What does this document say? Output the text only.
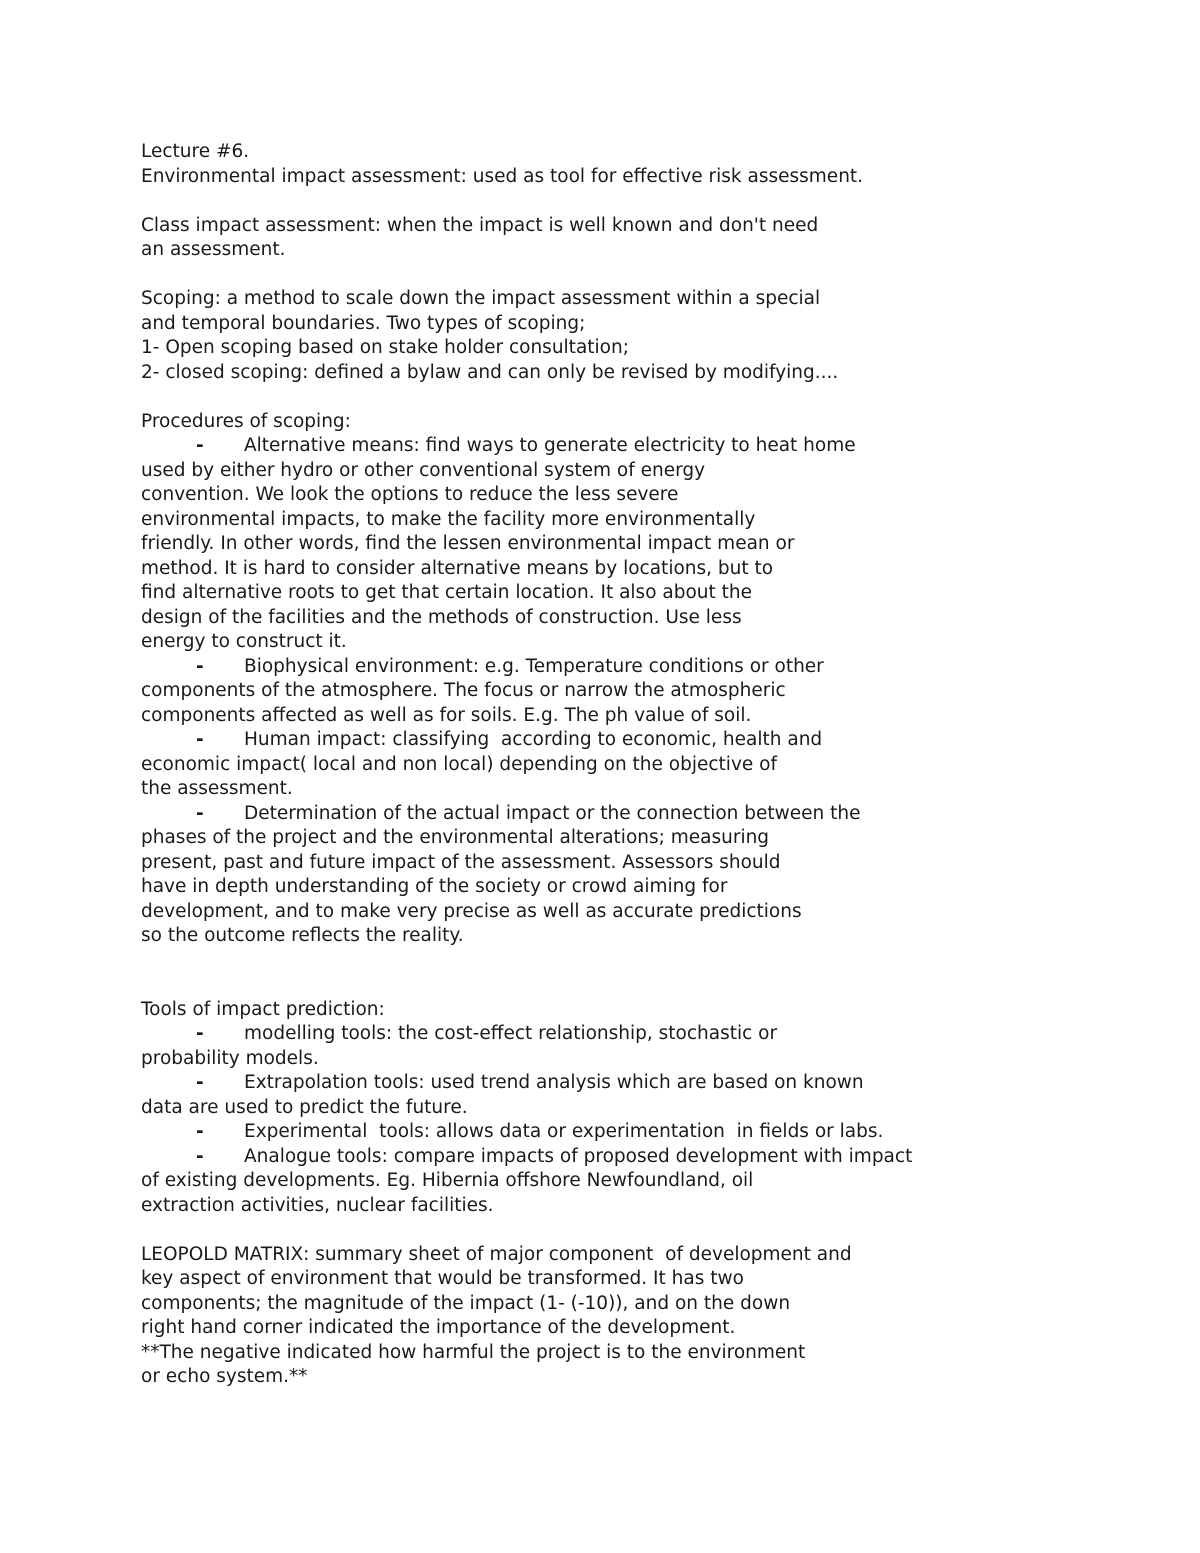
Lecture #6.
Environmental impact assessment: used as tool for effective risk assessment.
Class impact assessment: when the impact is well known and don't need
an assessment.
Scoping: a method to scale down the impact assessment within a special
and temporal boundaries. Two types of scoping;
1- Open scoping based on stake holder consultation;
2- closed scoping: defined a bylaw and can only be revised by modifying....
Procedures of scoping:
- Alternative means: find ways to generate electricity to heat home
used by either hydro or other conventional system of energy
convention. We look the options to reduce the less severe
environmental impacts, to make the facility more environmentally
friendly. In other words, find the lessen environmental impact mean or
method. It is hard to consider alternative means by locations, but to
find alternative roots to get that certain location. It also about the
design of the facilities and the methods of construction. Use less
energy to construct it.
- Biophysical environment: e.g. Temperature conditions or other
components of the atmosphere. The focus or narrow the atmospheric
components affected as well as for soils. E.g. The ph value of soil.
- Human impact: classifying  according to economic, health and
economic impact( local and non local) depending on the objective of
the assessment.
- Determination of the actual impact or the connection between the
phases of the project and the environmental alterations; measuring
present, past and future impact of the assessment. Assessors should
have in depth understanding of the society or crowd aiming for
development, and to make very precise as well as accurate predictions
so the outcome reflects the reality.
Tools of impact prediction:
- modelling tools: the cost-effect relationship, stochastic or
probability models.
- Extrapolation tools: used trend analysis which are based on known
data are used to predict the future.
- Experimental  tools: allows data or experimentation  in fields or labs.
- Analogue tools: compare impacts of proposed development with impact
of existing developments. Eg. Hibernia offshore Newfoundland, oil
extraction activities, nuclear facilities.
LEOPOLD MATRIX: summary sheet of major component  of development and
key aspect of environment that would be transformed. It has two
components; the magnitude of the impact (1- (-10)), and on the down
right hand corner indicated the importance of the development.
**The negative indicated how harmful the project is to the environment
or echo system.**
